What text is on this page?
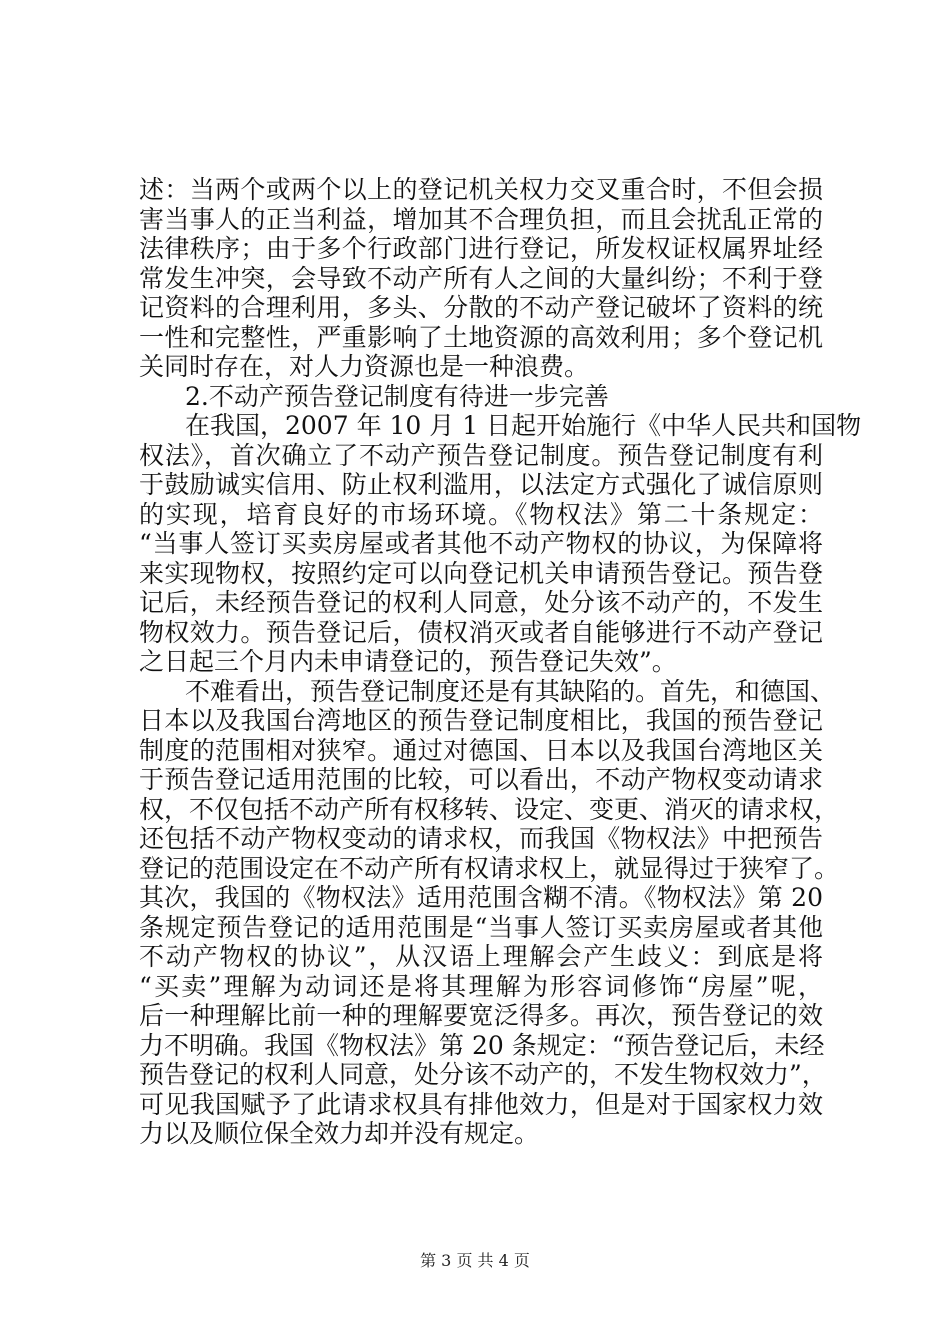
述：当两个或两个以上的登记机关权力交叉重合时，不但会损
害当事人的正当利益，增加其不合理负担，而且会扰乱正常的
法律秩序；由于多个行政部门进行登记，所发权证权属界址经
常发生冲突，会导致不动产所有人之间的大量纠纷；不利于登
记资料的合理利用，多头、分散的不动产登记破坏了资料的统
一性和完整性，严重影响了土地资源的高效利用；多个登记机
关同时存在，对人力资源也是一种浪费。
2.不动产预告登记制度有待进一步完善
在我国，2007 年 10 月 1 日起开始施行《中华人民共和国物
权法》，首次确立了不动产预告登记制度。预告登记制度有利
于鼓励诚实信用、防止权利滥用，以法定方式强化了诚信原则
的实现，培育良好的市场环境。《物权法》第二十条规定：
“当事人签订买卖房屋或者其他不动产物权的协议，为保障将
来实现物权，按照约定可以向登记机关申请预告登记。预告登
记后，未经预告登记的权利人同意，处分该不动产的，不发生
物权效力。预告登记后，债权消灭或者自能够进行不动产登记
之日起三个月内未申请登记的，预告登记失效”。
不难看出，预告登记制度还是有其缺陷的。首先，和德国、
日本以及我国台湾地区的预告登记制度相比，我国的预告登记
制度的范围相对狭窄。通过对德国、日本以及我国台湾地区关
于预告登记适用范围的比较，可以看出，不动产物权变动请求
权，不仅包括不动产所有权移转、设定、变更、消灭的请求权，
还包括不动产物权变动的请求权，而我国《物权法》中把预告
登记的范围设定在不动产所有权请求权上，就显得过于狭窄了。
其次，我国的《物权法》适用范围含糊不清。《物权法》第 20
条规定预告登记的适用范围是“当事人签订买卖房屋或者其他
不动产物权的协议”，从汉语上理解会产生歧义：到底是将
“买卖”理解为动词还是将其理解为形容词修饰“房屋”呢，
后一种理解比前一种的理解要宽泛得多。再次，预告登记的效
力不明确。我国《物权法》第 20 条规定：“预告登记后，未经
预告登记的权利人同意，处分该不动产的，不发生物权效力”，
可见我国赋予了此请求权具有排他效力，但是对于国家权力效
力以及顺位保全效力却并没有规定。
第 3 页 共 4 页
